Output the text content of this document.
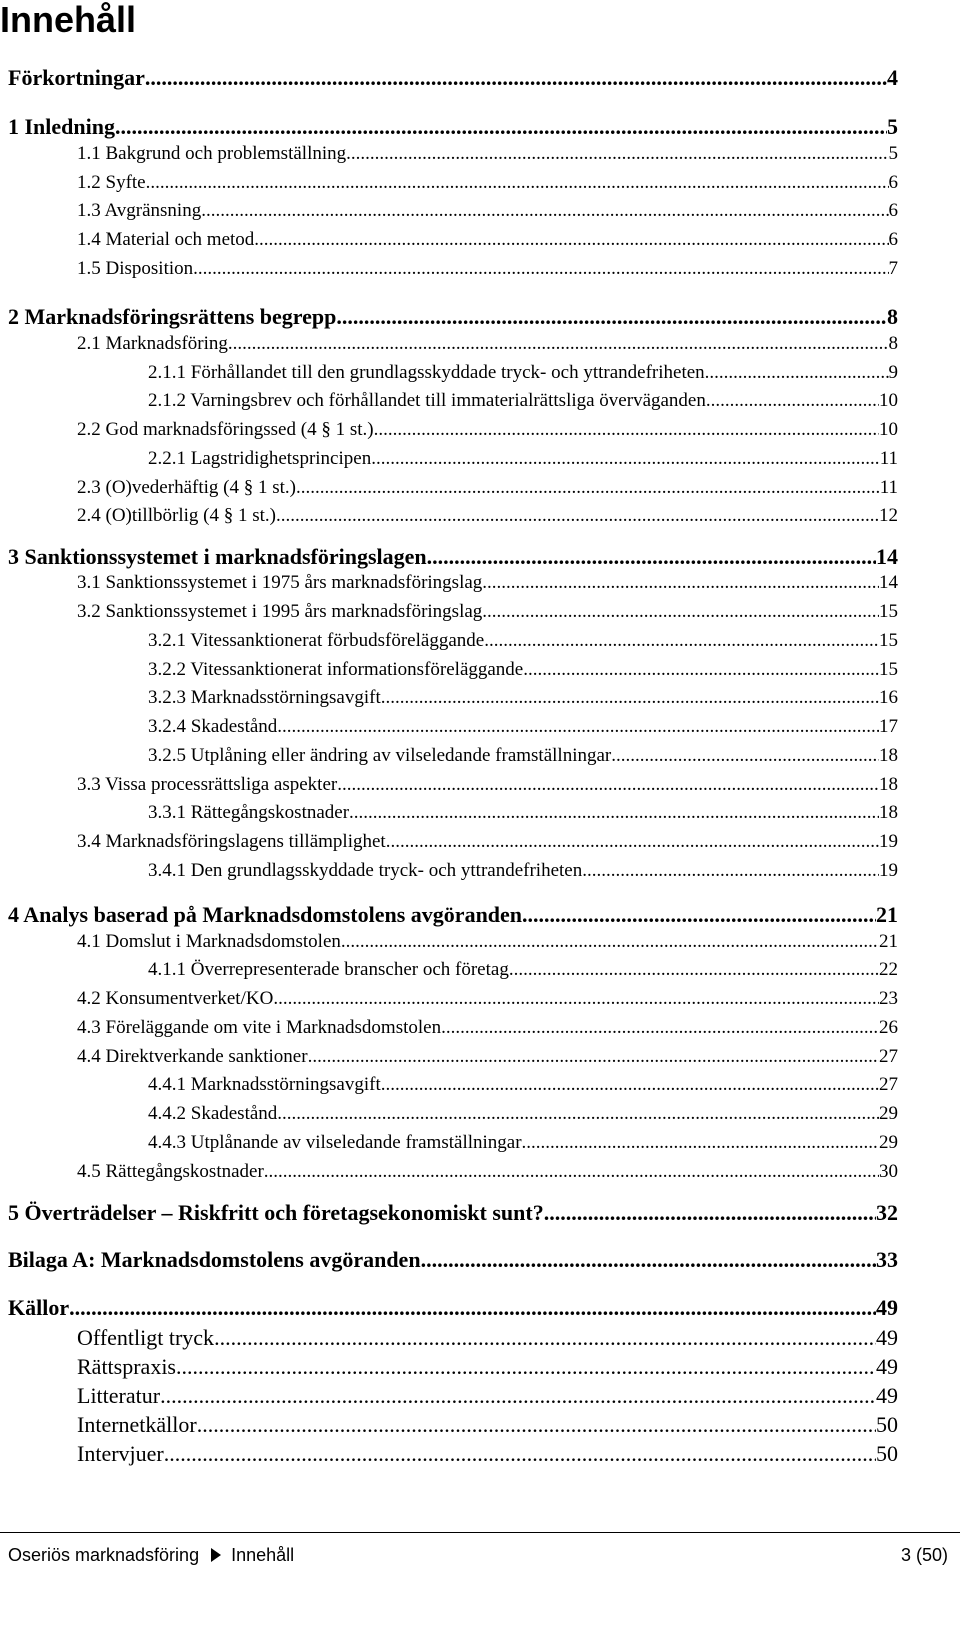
Innehåll
Förkortningar .....	4
1 Inledning .....	5
1.1 Bakgrund och problemställning .....	5
1.2 Syfte .....	6
1.3 Avgränsning .....	6
1.4 Material och metod .....	6
1.5 Disposition .....	7
2 Marknadsföringsrättens begrepp .....	8
2.1 Marknadsföring .....	8
2.1.1 Förhållandet till den grundlagsskyddade tryck- och yttrandefriheten .....	9
2.1.2 Varningsbrev och förhållandet till immaterialrättsliga överväganden .....	10
2.2 God marknadsföringssed (4 § 1 st.) .....	10
2.2.1 Lagstridighetsprincipen .....	11
2.3 (O)vederhäftig (4 § 1 st.) .....	11
2.4 (O)tillbörlig (4 § 1 st.) .....	12
3 Sanktionssystemet i marknadsföringslagen .....	14
3.1 Sanktionssystemet i 1975 års marknadsföringslag .....	14
3.2 Sanktionssystemet i 1995 års marknadsföringslag .....	15
3.2.1 Vitessanktionerat förbudsföreläggande .....	15
3.2.2 Vitessanktionerat informationsföreläggande .....	15
3.2.3 Marknadsstörningsavgift .....	16
3.2.4 Skadestånd .....	17
3.2.5 Utplåning eller ändring av vilseledande framställningar .....	18
3.3 Vissa processrättsliga aspekter .....	18
3.3.1 Rättegångskostnader .....	18
3.4 Marknadsföringslagens tillämplighet .....	19
3.4.1 Den grundlagsskyddade tryck- och yttrandefriheten .....	19
4 Analys baserad på Marknadsdomstolens avgöranden .....	21
4.1 Domslut i Marknadsdomstolen .....	21
4.1.1 Överrepresenterade branscher och företag .....	22
4.2 Konsumentverket/KO .....	23
4.3 Föreläggande om vite i Marknadsdomstolen .....	26
4.4 Direktverkande sanktioner .....	27
4.4.1 Marknadsstörningsavgift .....	27
4.4.2 Skadestånd .....	29
4.4.3 Utplånande av vilseledande framställningar .....	29
4.5 Rättegångskostnader .....	30
5 Överträdelser – Riskfritt och företagsekonomiskt sunt? .....	32
Bilaga A: Marknadsdomstolens avgöranden .....	33
Källor .....	49
Offentligt tryck .....	49
Rättspraxis .....	49
Litteratur .....	49
Internetkällor .....	50
Intervjuer .....	50
Oseriös marknadsföring Innehåll	3 (50)
